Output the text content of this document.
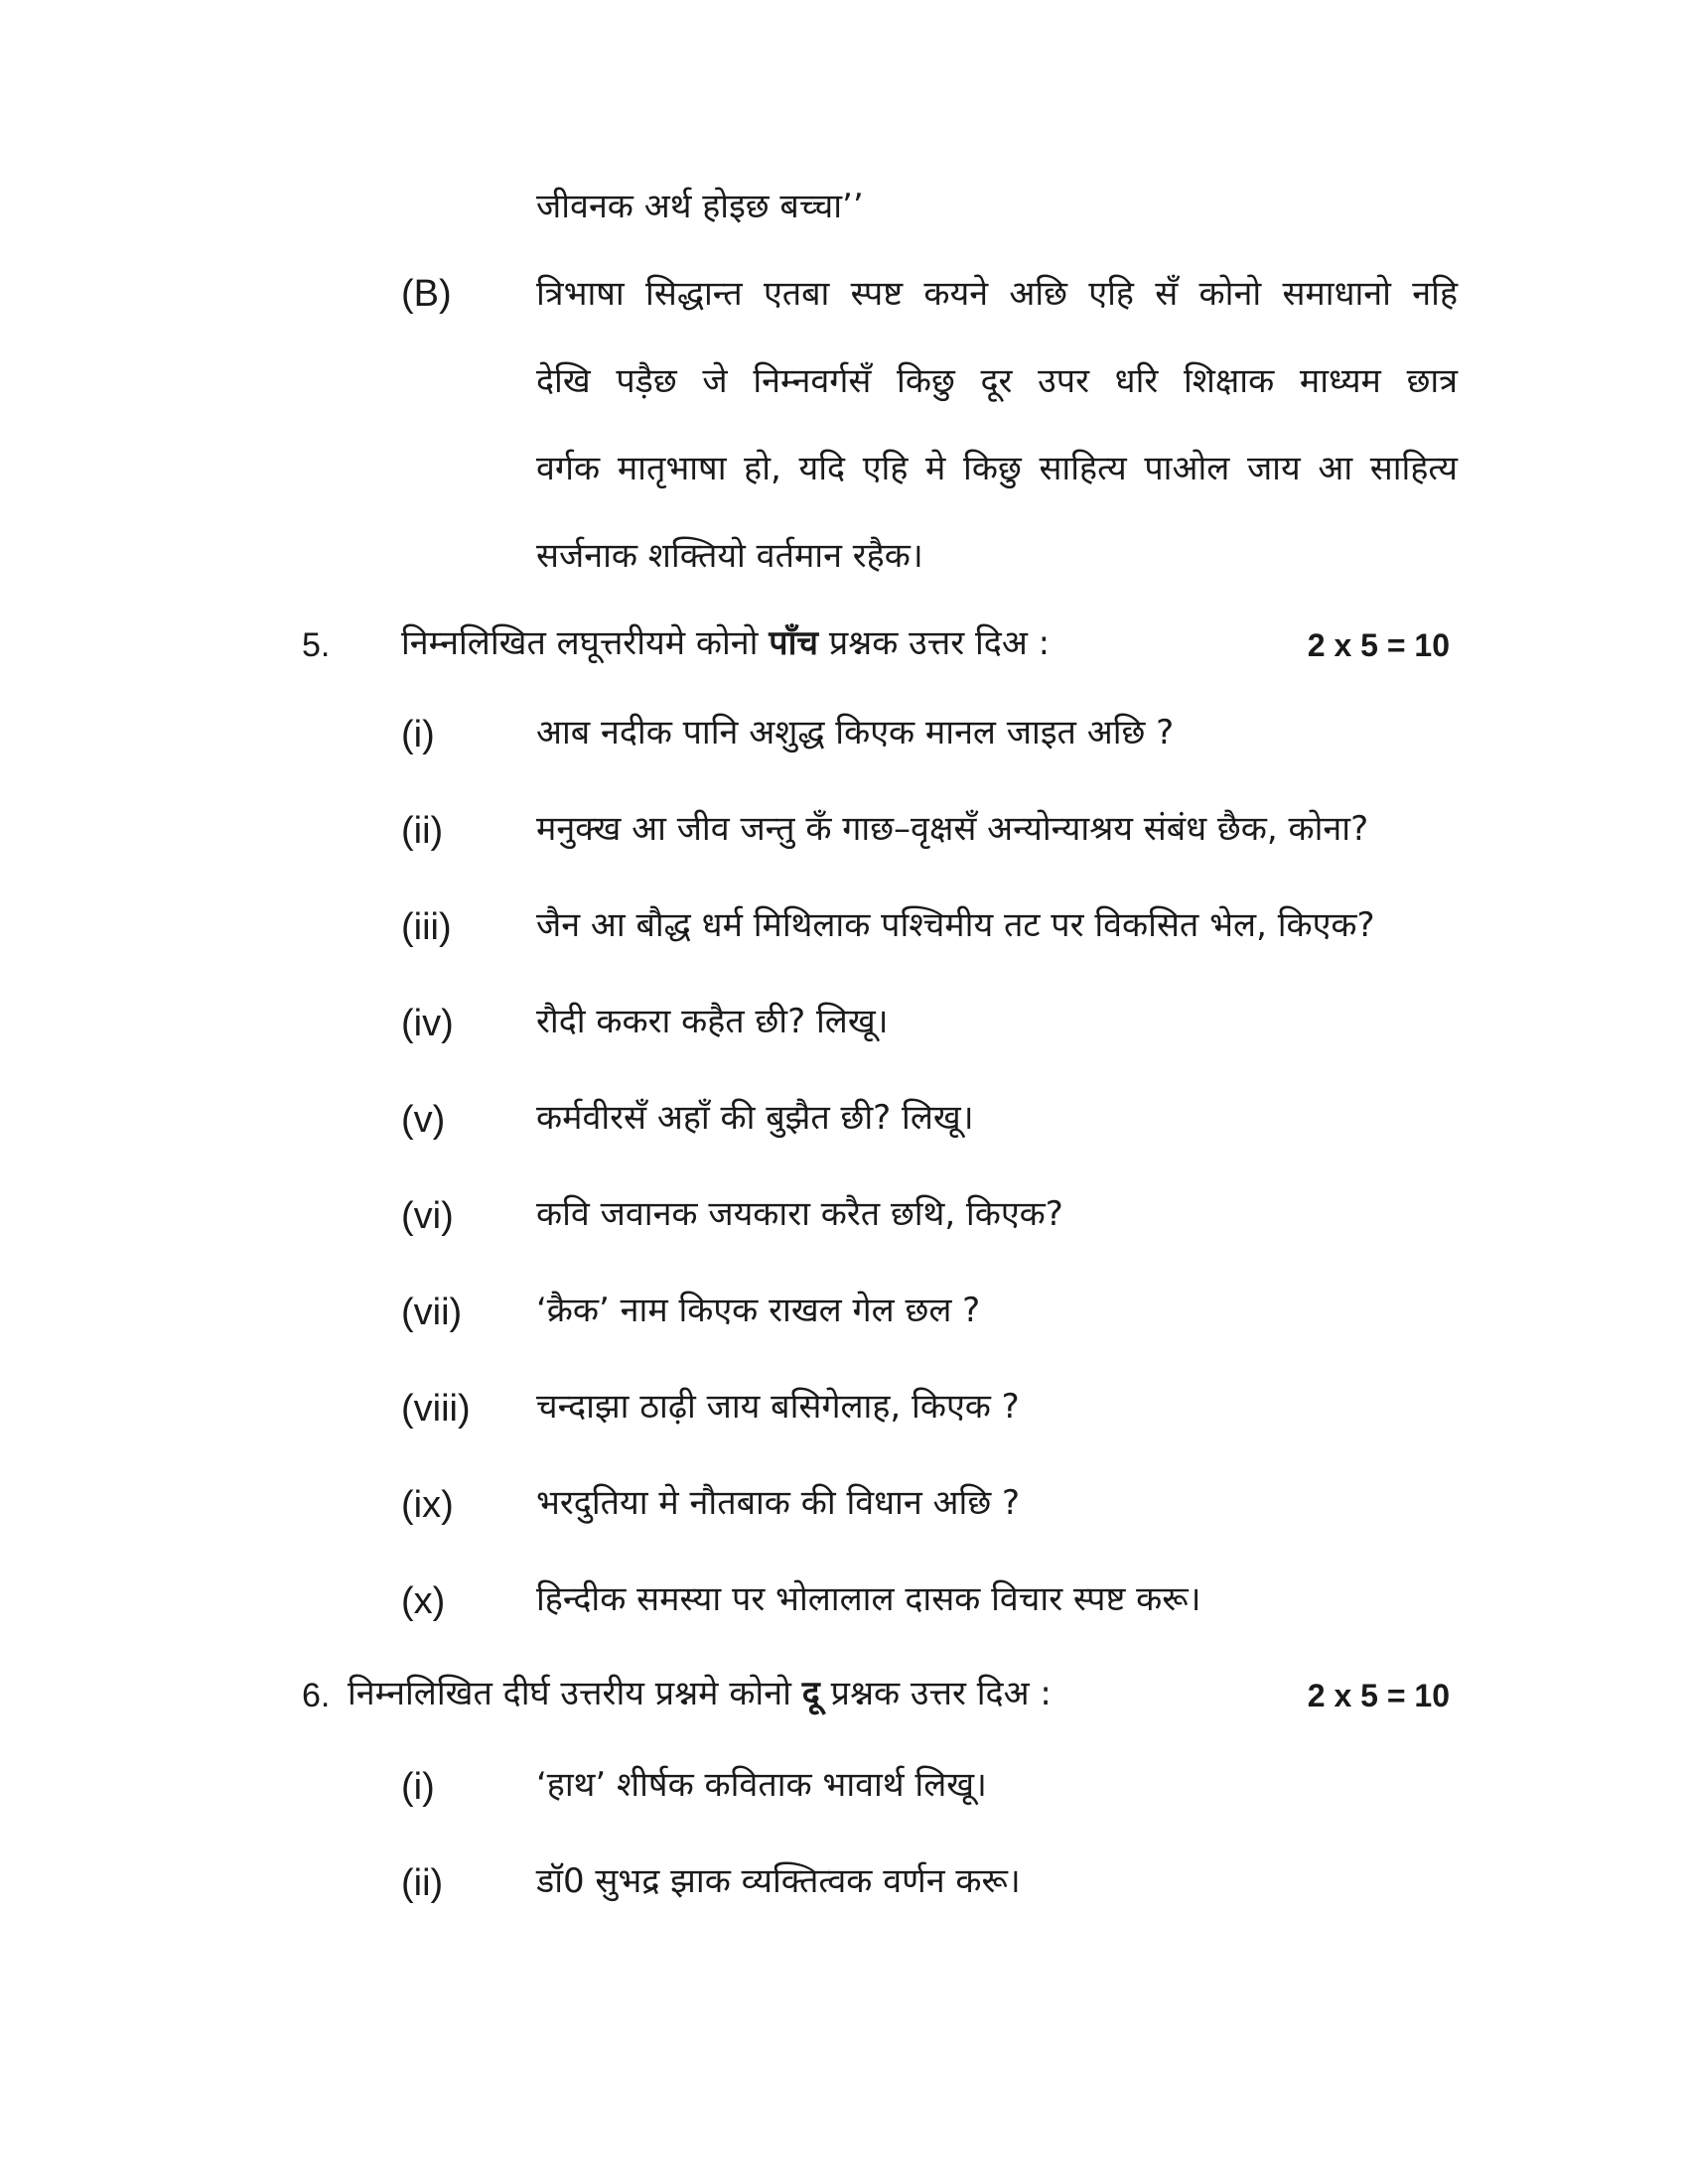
जीवनक अर्थ होइछ बच्चा’’
(B)	त्रिभाषा सिद्धान्त एतबा स्पष्ट कयने अछि एहि सँ कोनो समाधानो नहि
देखि पड़ैछ जे निम्नवर्गसँ किछु दूर उपर धरि शिक्षाक माध्यम छात्र
वर्गक मातृभाषा हो, यदि एहि मे किछु साहित्य पाओल जाय आ साहित्य
सर्जनाक शक्तियो वर्तमान रहैक।
5. निम्नलिखित लघूत्तरीयमे कोनो पाँच प्रश्नक उत्तर दिअ :	2 x 5 = 10
(i)	आब नदीक पानि अशुद्ध किएक मानल जाइत अछि ?
(ii)	मनुक्ख आ जीव जन्तु कँ गाछ–वृक्षसँ अन्योन्याश्रय संबंध छैक, कोना?
(iii)	जैन आ बौद्ध धर्म मिथिलाक पश्चिमीय तट पर विकसित भेल, किएक?
(iv) रौदी ककरा कहैत छी? लिखू।
(v)	कर्मवीरसँ अहाँ की बुझैत छी? लिखू।
(vi) कवि जवानक जयकारा करैत छथि, किएक?
(vii) ‘क्रैक’ नाम किएक राखल गेल छल ?
(viii) चन्दाझा ठाढ़ी जाय बसिगेलाह, किएक ?
(ix) भरदुतिया मे नौतबाक की विधान अछि ?
(x)	हिन्दीक समस्या पर भोलालाल दासक विचार स्पष्ट करू।
6. निम्नलिखित दीर्घ उत्तरीय प्रश्नमे कोनो दू प्रश्नक उत्तर दिअ :	2 x 5 = 10
(i)	‘हाथ’ शीर्षक कविताक भावार्थ लिखू।
(ii)	डॉ0 सुभद्र झाक व्यक्तित्वक वर्णन करू।
